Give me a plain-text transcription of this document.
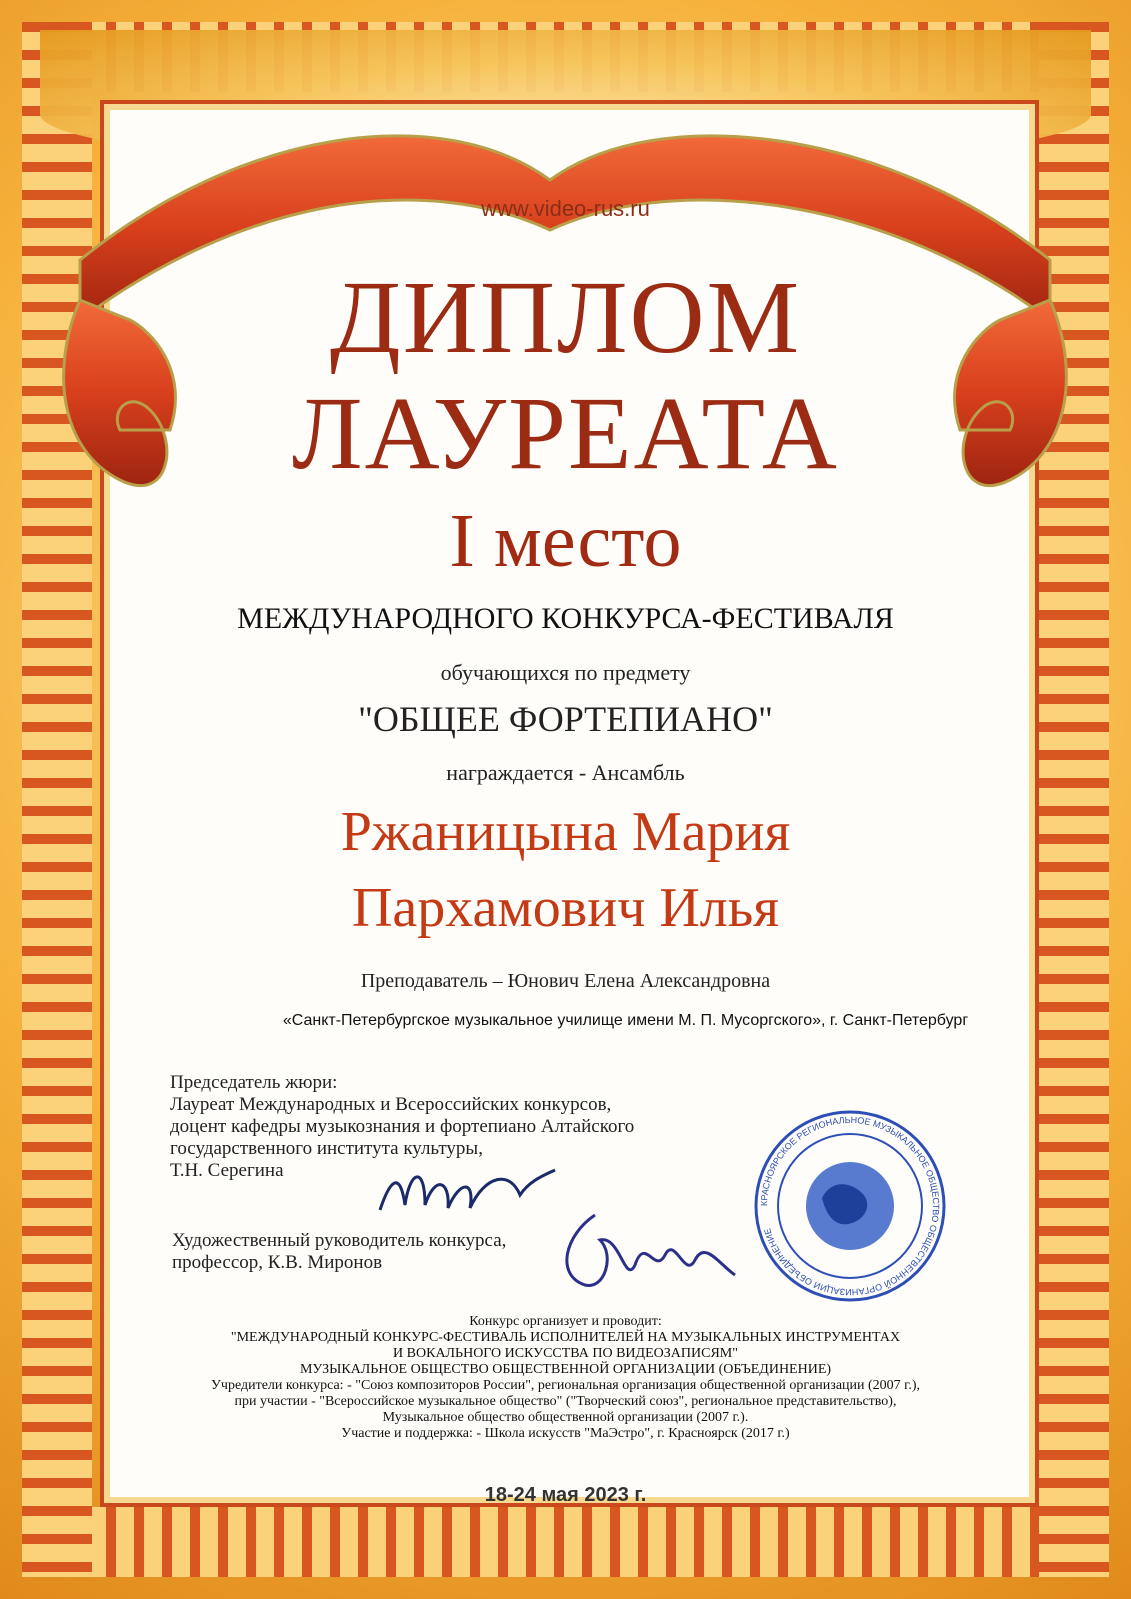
www.video-rus.ru
ДИПЛОМ
ЛАУРЕАТА
I место
МЕЖДУНАРОДНОГО КОНКУРСА-ФЕСТИВАЛЯ
обучающихся по предмету
"ОБЩЕЕ ФОРТЕПИАНО"
награждается - Ансамбль
Ржаницына Мария
Пархамович Илья
Преподаватель – Юнович Елена Александровна
«Санкт-Петербургское музыкальное училище имени М. П. Мусоргского», г. Санкт-Петербург
Председатель жюри:
Лауреат Международных и Всероссийских конкурсов,
доцент кафедры музыкознания и фортепиано Алтайского
государственного института культуры,
Т.Н. Серегина
Художественный руководитель конкурса,
профессор, К.В. Миронов
КРАСНОЯРСКОЕ РЕГИОНАЛЬНОЕ МУЗЫКАЛЬНОЕ ОБЩЕСТВО ОБЩЕСТВЕННОЙ ОРГАНИЗАЦИИ ОБЪЕДИНЕНИЕ
Конкурс организует и проводит:
"МЕЖДУНАРОДНЫЙ КОНКУРС-ФЕСТИВАЛЬ ИСПОЛНИТЕЛЕЙ НА МУЗЫКАЛЬНЫХ ИНСТРУМЕНТАХ
И ВОКАЛЬНОГО ИСКУССТВА ПО ВИДЕОЗАПИСЯМ"
МУЗЫКАЛЬНОЕ ОБЩЕСТВО ОБЩЕСТВЕННОЙ ОРГАНИЗАЦИИ (ОБЪЕДИНЕНИЕ)
Учредители конкурса: - "Союз композиторов России", региональная организация общественной организации (2007 г.),
при участии - "Всероссийское музыкальное общество" ("Творческий союз", региональное представительство),
Музыкальное общество общественной организации (2007 г.).
Участие и поддержка: - Школа искусств "МаЭстро", г. Красноярск (2017 г.)
18-24 мая 2023 г.
